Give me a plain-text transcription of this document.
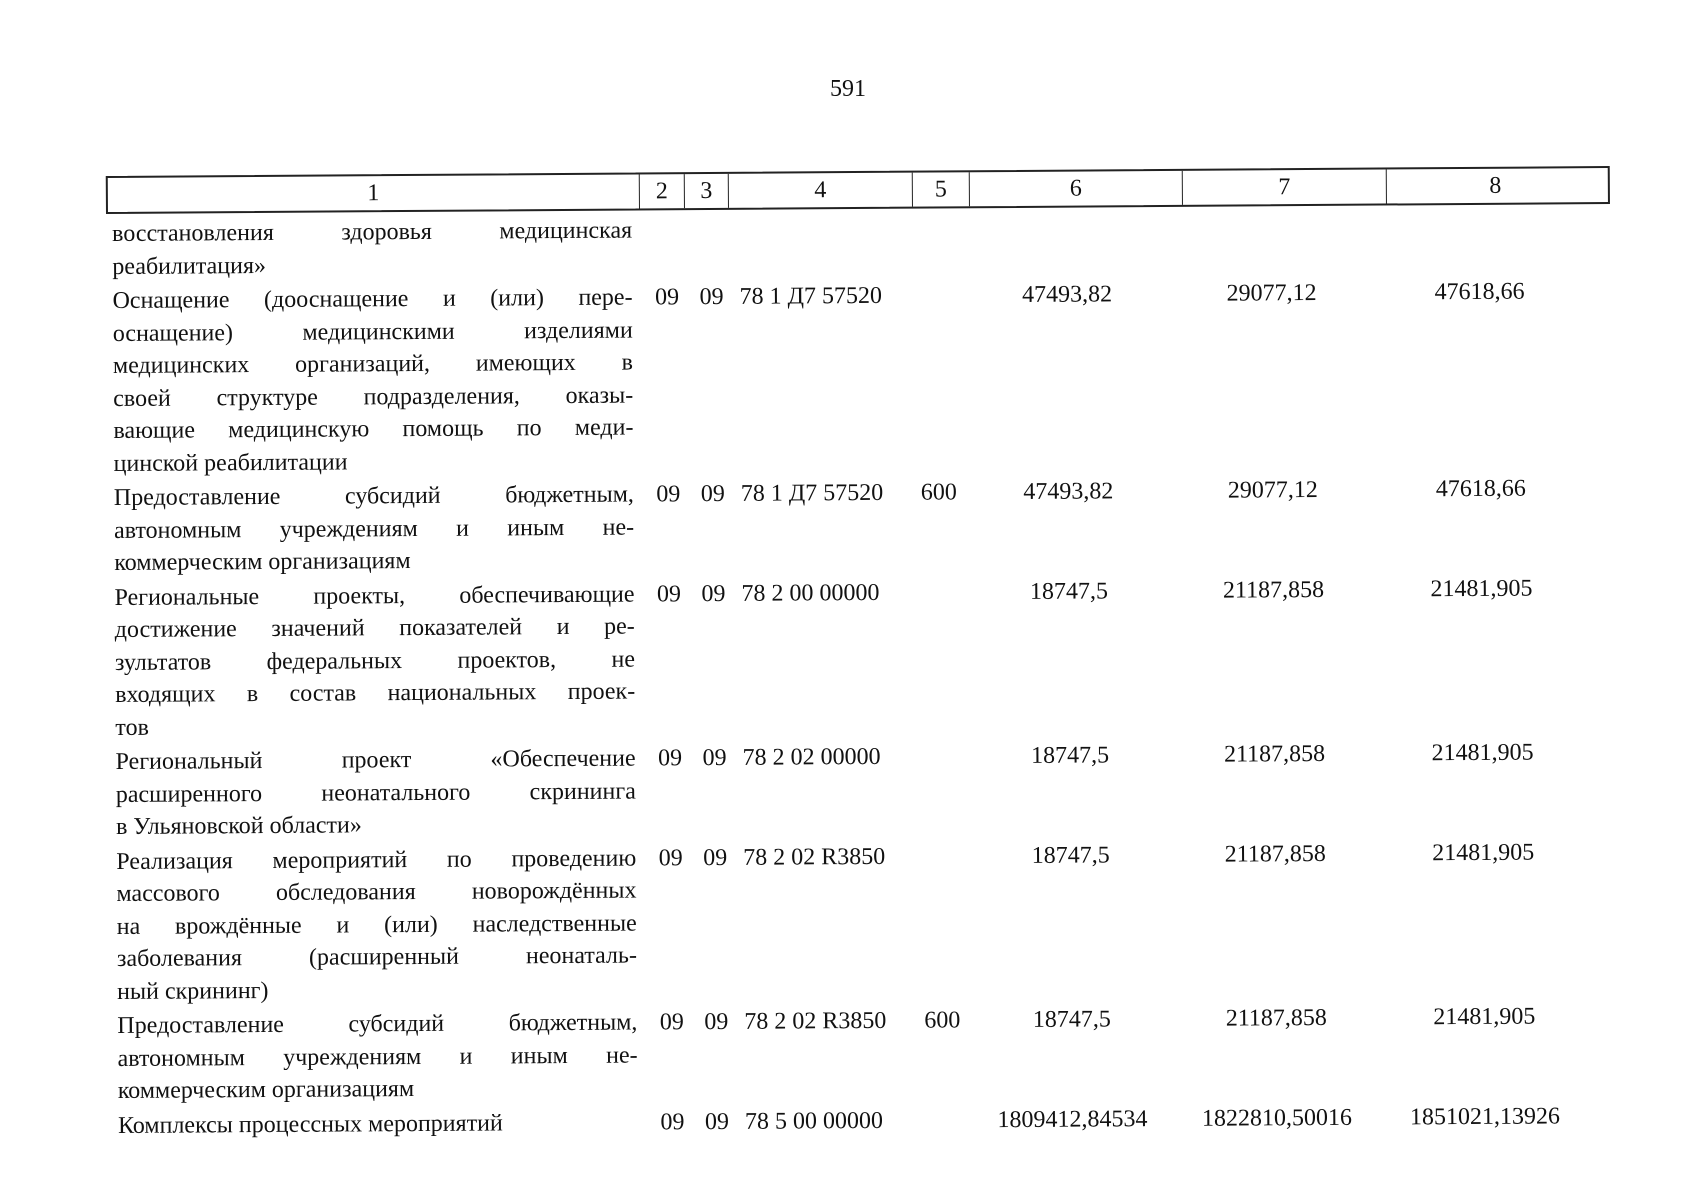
591
1	2	3	4	5	6	7	8
восстановления здоровья медицинская
реабилитация»
Оснащение (дооснащение и (или) пере-
оснащение) медицинскими изделиями
медицинских организаций, имеющих в
своей структуре подразделения, оказы-
вающие медицинскую помощь по меди-
цинской реабилитации
09 09 78 1 Д7 57520	47493,82	29077,12	47618,66
Предоставление субсидий бюджетным,
автономным учреждениям и иным не-
коммерческим организациям
09 09 78 1 Д7 57520	600	47493,82	29077,12	47618,66
Региональные проекты, обеспечивающие
достижение значений показателей и ре-
зультатов федеральных проектов, не
входящих в состав национальных проек-
тов
09 09 78 2 00 00000	18747,5	21187,858	21481,905
Региональный проект «Обеспечение
расширенного неонатального скрининга
в Ульяновской области»
09 09 78 2 02 00000	18747,5	21187,858	21481,905
Реализация мероприятий по проведению
массового обследования новорождённых
на врождённые и (или) наследственные
заболевания (расширенный неонаталь-
ный скрининг)
09 09 78 2 02 R3850	18747,5	21187,858	21481,905
Предоставление субсидий бюджетным,
автономным учреждениям и иным не-
коммерческим организациям
09 09 78 2 02 R3850	600	18747,5	21187,858	21481,905
Комплексы процессных мероприятий	09 09 78 5 00 00000	1809412,84534	1822810,50016	1851021,13926
